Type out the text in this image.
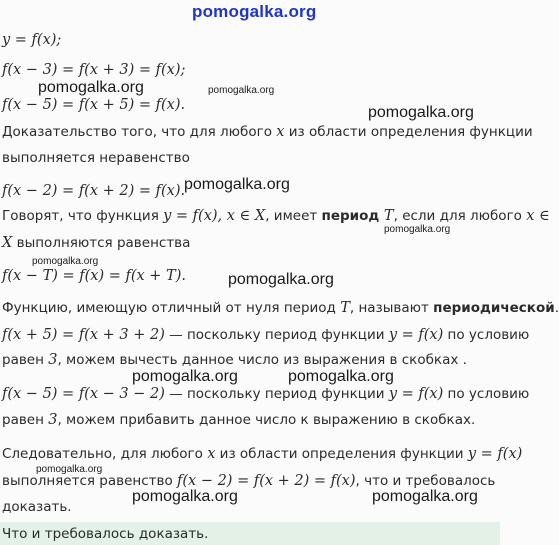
pomogalka.org
y = f(x);
f(x − 3) = f(x + 3) = f(x);
pomogalka.org	pomogalka.org
f(x − 5) = f(x + 5) = f(x).	pomogalka.org
Доказательство того, что для любого x из области определения функции
выполняется неравенство
f(x − 2) = f(x + 2) = f(x).
pomogalka.org
Говорят, что функция y = f(x), x ∈ X, имеет период T, если для любого x ∈
pomogalka.org
X выполняются равенства
pomogalka.org
f(x − T) = f(x) = f(x + T).	pomogalka.org
Функцию, имеющую отличный от нуля период T, называют периодической.
f(x + 5) = f(x + 3 + 2) — поскольку период функции y = f(x) по условию
равен 3, можем вычесть данное число из выражения в скобках .
pomogalka.org	pomogalka.org
f(x − 5) = f(x − 3 − 2) — поскольку период функции y = f(x) по условию
равен 3, можем прибавить данное число к выражению в скобках.
Следовательно, для любого x из области определения функции y = f(x)
pomogalka.org
выполняется равенство f(x − 2) = f(x + 2) = f(x), что и требовалось
pomogalka.org	pomogalka.org
доказать.
Что и требовалось доказать.
